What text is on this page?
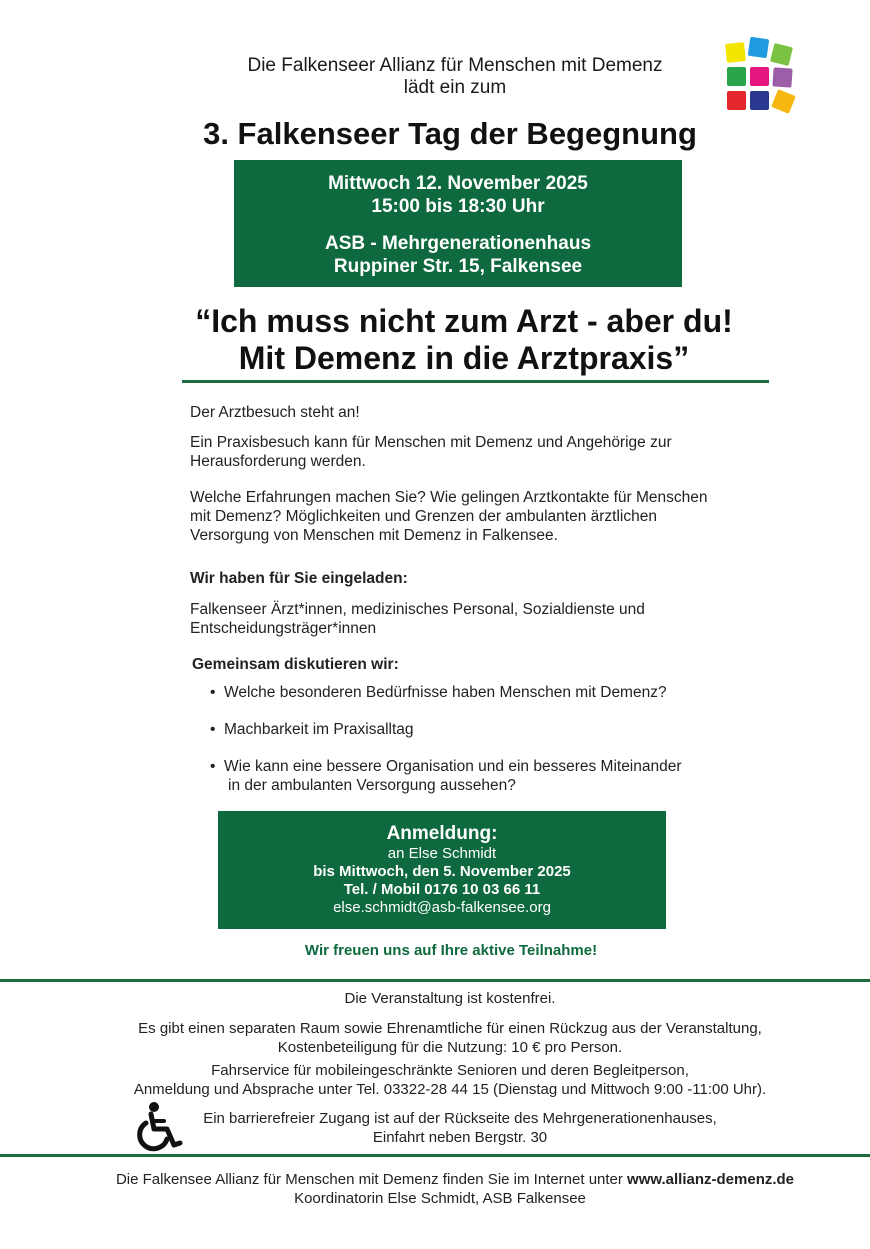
Die Falkenseer Allianz für Menschen mit Demenz
lädt ein zum
3. Falkenseer Tag der Begegnung
Mittwoch 12. November 2025
15:00 bis 18:30 Uhr
ASB - Mehrgenerationenhaus
Ruppiner Str. 15, Falkensee
“Ich muss nicht zum Arzt - aber du!
Mit Demenz in die Arztpraxis”
Der Arztbesuch steht an!
Ein Praxisbesuch kann für Menschen mit Demenz und Angehörige zur
Herausforderung werden.
Welche Erfahrungen machen Sie? Wie gelingen Arztkontakte für Menschen
mit Demenz? Möglichkeiten und Grenzen der ambulanten ärztlichen
Versorgung von Menschen mit Demenz in Falkensee.
Wir haben für Sie eingeladen:
Falkenseer Ärzt*innen, medizinisches Personal, Sozialdienste und
Entscheidungsträger*innen
Gemeinsam diskutieren wir:
• Welche besonderen Bedürfnisse haben Menschen mit Demenz?
• Machbarkeit im Praxisalltag
• Wie kann eine bessere Organisation und ein besseres Miteinander
in der ambulanten Versorgung aussehen?
Anmeldung:
an Else Schmidt
bis Mittwoch, den 5. November 2025
Tel. / Mobil 0176 10 03 66 11
else.schmidt@asb-falkensee.org
Wir freuen uns auf Ihre aktive Teilnahme!
Die Veranstaltung ist kostenfrei.
Es gibt einen separaten Raum sowie Ehrenamtliche für einen Rückzug aus der Veranstaltung,
Kostenbeteiligung für die Nutzung: 10 € pro Person.
Fahrservice für mobileingeschränkte Senioren und deren Begleitperson,
Anmeldung und Absprache unter Tel. 03322-28 44 15 (Dienstag und Mittwoch 9:00 -11:00 Uhr).
Ein barrierefreier Zugang ist auf der Rückseite des Mehrgenerationenhauses,
Einfahrt neben Bergstr. 30
Die Falkensee Allianz für Menschen mit Demenz finden Sie im Internet unter www.allianz-demenz.de
Koordinatorin Else Schmidt, ASB Falkensee
